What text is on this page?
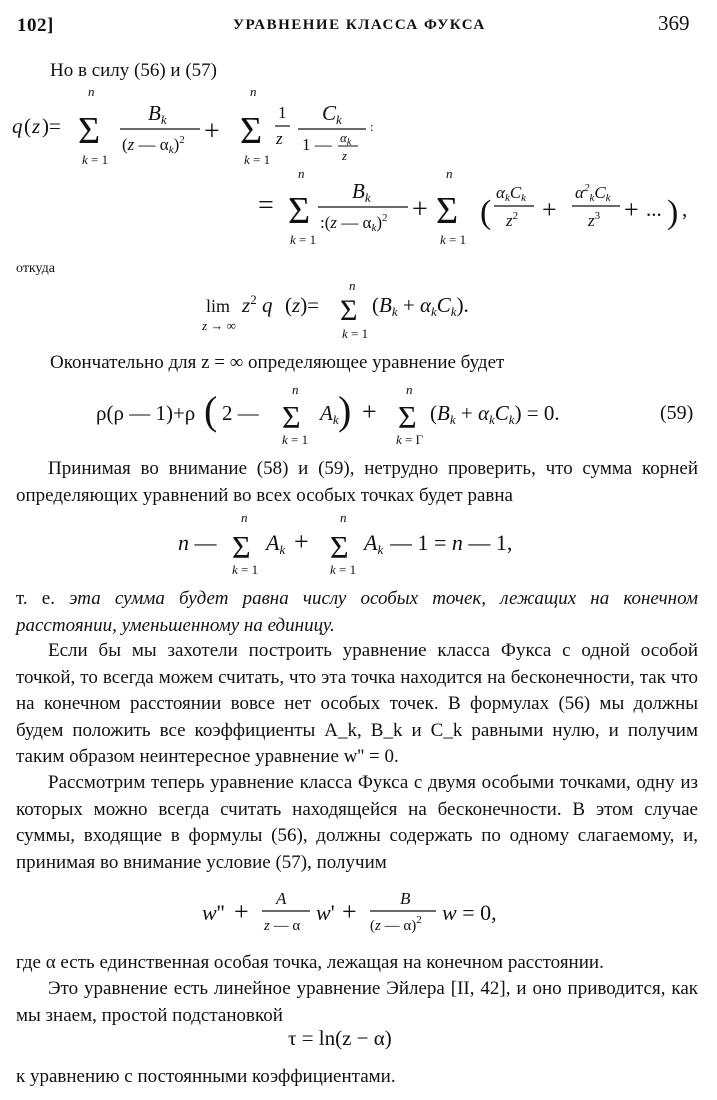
102]	УРАВНЕНИЕ КЛАССА ФУКСА	369
Но в силу (56) и (57)
q ( z )=
n
Σ
k = 1
Bk
(z — αk)$^2$ +
n
Σ
k = 1
1
z
Ck
1 — $\alpha_k$
z
:
=
n
Σ
k = 1
Bk
:(z — αk)$^2$ +
n
Σ
k = 1
(
αkCk
$z^2$ +
$\alpha^2_kCk$
$z^3$ + ... ) ,
откуда
lim
z → ∞
$z^2$ q (z)=
n
Σ
k = 1
(Bk + αkCk).
Окончательно для z = ∞ определяющее уравнение будет
ρ(ρ — 1)+ρ ( 2 —
n
Σ
k = 1
Ak ) +
n
Σ
k = Γ
(Bk + αkCk) = 0.	(59)
Принимая во внимание (58) и (59), нетрудно проверить, что сумма корней определяющих уравнений во всех особых точках будет равна
n —
n
Σ
k = 1
Ak +
n
Σ
k = 1
Ak — 1 = n — 1,
т. е. эта сумма будет равна числу особых точек, лежащих на конечном расстоянии, уменьшенному на единицу.
Если бы мы захотели построить уравнение класса Фукса с одной особой точкой, то всегда можем считать, что эта точка находится на бесконечности, так что на конечном расстоянии вовсе нет особых точек. В формулах (56) мы должны будем положить все коэффициенты A_k, B_k и C_k равными нулю, и получим таким образом неинтересное уравнение w'' = 0.
Рассмотрим теперь уравнение класса Фукса с двумя особыми точками, одну из которых можно всегда считать находящейся на бесконечности. В этом случае суммы, входящие в формулы (56), должны содержать по одному слагаемому, и, принимая во внимание условие (57), получим
w'' + A
z — α
w' +	B
(z — α)$^2$ w = 0,
где α есть единственная особая точка, лежащая на конечном расстоянии.
Это уравнение есть линейное уравнение Эйлера [II, 42], и оно приводится, как мы знаем, простой подстановкой
τ = ln(z − α)
к уравнению с постоянными коэффициентами.
